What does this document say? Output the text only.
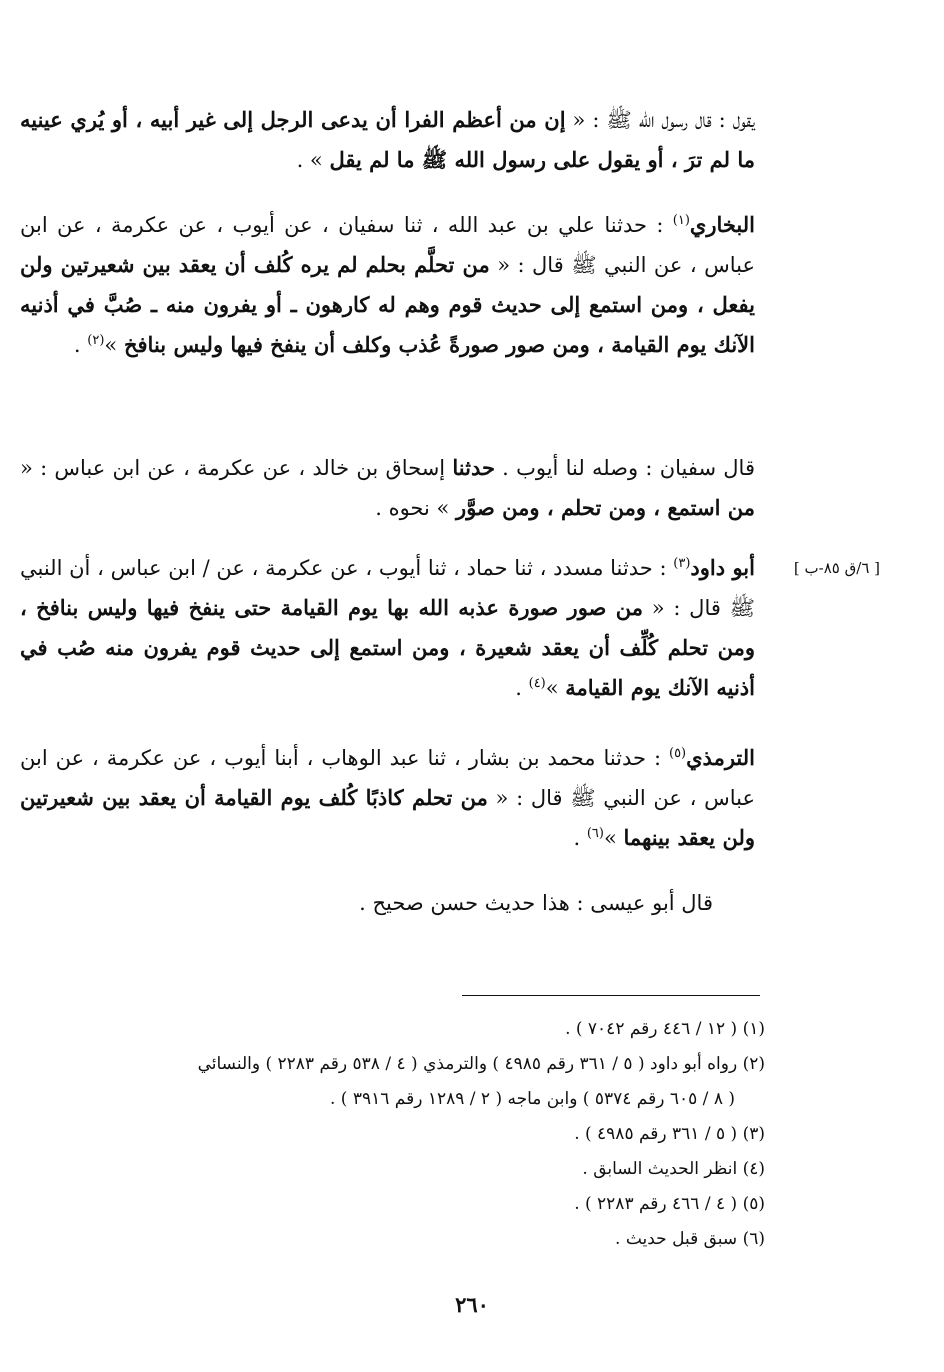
يقول : قال رسول الله ﷺ : « إن من أعظم الفرا أن يدعى الرجل إلى غير أبيه ، أو يُري عينيه ما لم ترَ ، أو يقول على رسول الله ﷺ ما لم يقل » .

البخاري$^{(١)}$ : حدثنا علي بن عبد الله ، ثنا سفيان ، عن أيوب ، عن عكرمة ، عن ابن عباس ، عن النبي ﷺ قال : « من تحلَّم بحلم لم يره كُلف أن يعقد بين شعيرتين ولن يفعل ، ومن استمع إلى حديث قوم وهم له كارهون ـ أو يفرون منه ـ صُبَّ في أذنيه الآنك يوم القيامة ، ومن صور صورةً عُذب وكلف أن ينفخ فيها وليس بنافخ »$^{(٢)}$ .

قال سفيان : وصله لنا أيوب . حدثنا إسحاق بن خالد ، عن عكرمة ، عن ابن عباس : « من استمع ، ومن تحلم ، ومن صوَّر » نحوه .

[ ٦/ق ٨٥-ب ]

أبو داود$^{(٣)}$ : حدثنا مسدد ، ثنا حماد ، ثنا أيوب ، عن عكرمة ، عن / ابن عباس ، أن النبي ﷺ قال : « من صور صورة عذبه الله بها يوم القيامة حتى ينفخ فيها وليس بنافخ ، ومن تحلم كُلِّف أن يعقد شعيرة ، ومن استمع إلى حديث قوم يفرون منه صُب في أذنيه الآنك يوم القيامة »$^{(٤)}$ .

الترمذي$^{(٥)}$ : حدثنا محمد بن بشار ، ثنا عبد الوهاب ، أبنا أيوب ، عن عكرمة ، عن ابن عباس ، عن النبي ﷺ قال : « من تحلم كاذبًا كُلف يوم القيامة أن يعقد بين شعيرتين ولن يعقد بينهما »$^{(٦)}$ .

قال أبو عيسى : هذا حديث حسن صحيح .

(١) ( ١٢ / ٤٤٦ رقم ٧٠٤٢ ) .

(٢) رواه أبو داود ( ٥ / ٣٦١ رقم ٤٩٨٥ ) والترمذي ( ٤ / ٥٣٨ رقم ٢٢٨٣ ) والنسائي

( ٨ / ٦٠٥ رقم ٥٣٧٤ ) وابن ماجه ( ٢ / ١٢٨٩ رقم ٣٩١٦ ) .

(٣) ( ٥ / ٣٦١ رقم ٤٩٨٥ ) .

(٤) انظر الحديث السابق .

(٥) ( ٤ / ٤٦٦ رقم ٢٢٨٣ ) .

(٦) سبق قبل حديث .

٢٦٠
